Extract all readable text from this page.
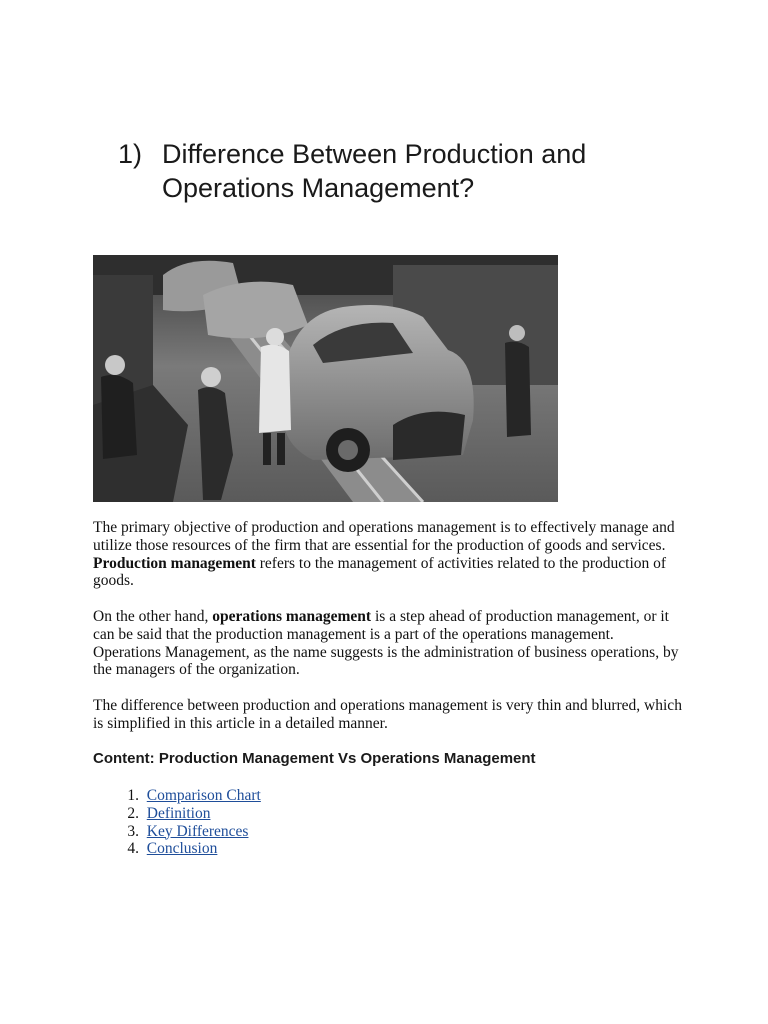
1) Difference Between Production and
Operations Management?

The primary objective of production and operations management is to effectively manage and utilize those resources of the firm that are essential for the production of goods and services. Production management refers to the management of activities related to the production of goods.

On the other hand, operations management is a step ahead of production management, or it can be said that the production management is a part of the operations management. Operations Management, as the name suggests is the administration of business operations, by the managers of the organization.

The difference between production and operations management is very thin and blurred, which is simplified in this article in a detailed manner.

Content: Production Management Vs Operations Management
1.
Comparison Chart
2.
Definition
3.
Key Differences
4.
Conclusion
